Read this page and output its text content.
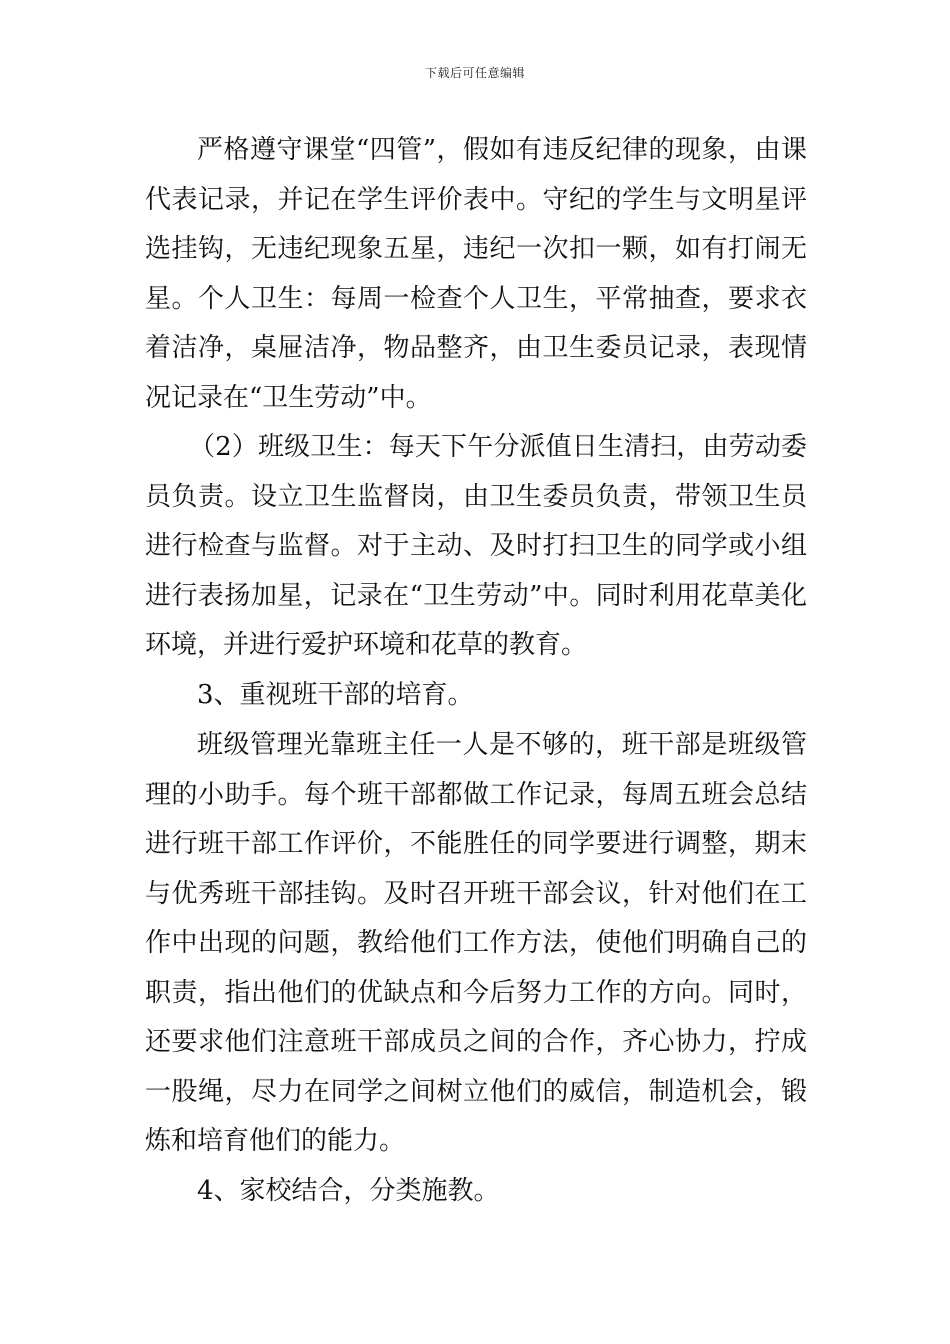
下载后可任意编辑

严格遵守课堂“四管”，假如有违反纪律的现象，由课代表记录，并记在学生评价表中。守纪的学生与文明星评选挂钩，无违纪现象五星，违纪一次扣一颗，如有打闹无星。个人卫生：每周一检查个人卫生，平常抽查，要求衣着洁净，桌屉洁净，物品整齐，由卫生委员记录，表现情况记录在“卫生劳动”中。

（2）班级卫生：每天下午分派值日生清扫，由劳动委员负责。设立卫生监督岗，由卫生委员负责，带领卫生员进行检查与监督。对于主动、及时打扫卫生的同学或小组进行表扬加星，记录在“卫生劳动”中。同时利用花草美化环境，并进行爱护环境和花草的教育。

3、重视班干部的培育。

班级管理光靠班主任一人是不够的，班干部是班级管理的小助手。每个班干部都做工作记录，每周五班会总结进行班干部工作评价，不能胜任的同学要进行调整，期末与优秀班干部挂钩。及时召开班干部会议，针对他们在工作中出现的问题，教给他们工作方法，使他们明确自己的职责，指出他们的优缺点和今后努力工作的方向。同时，还要求他们注意班干部成员之间的合作，齐心协力，拧成一股绳，尽力在同学之间树立他们的威信，制造机会，锻炼和培育他们的能力。

4、家校结合，分类施教。
